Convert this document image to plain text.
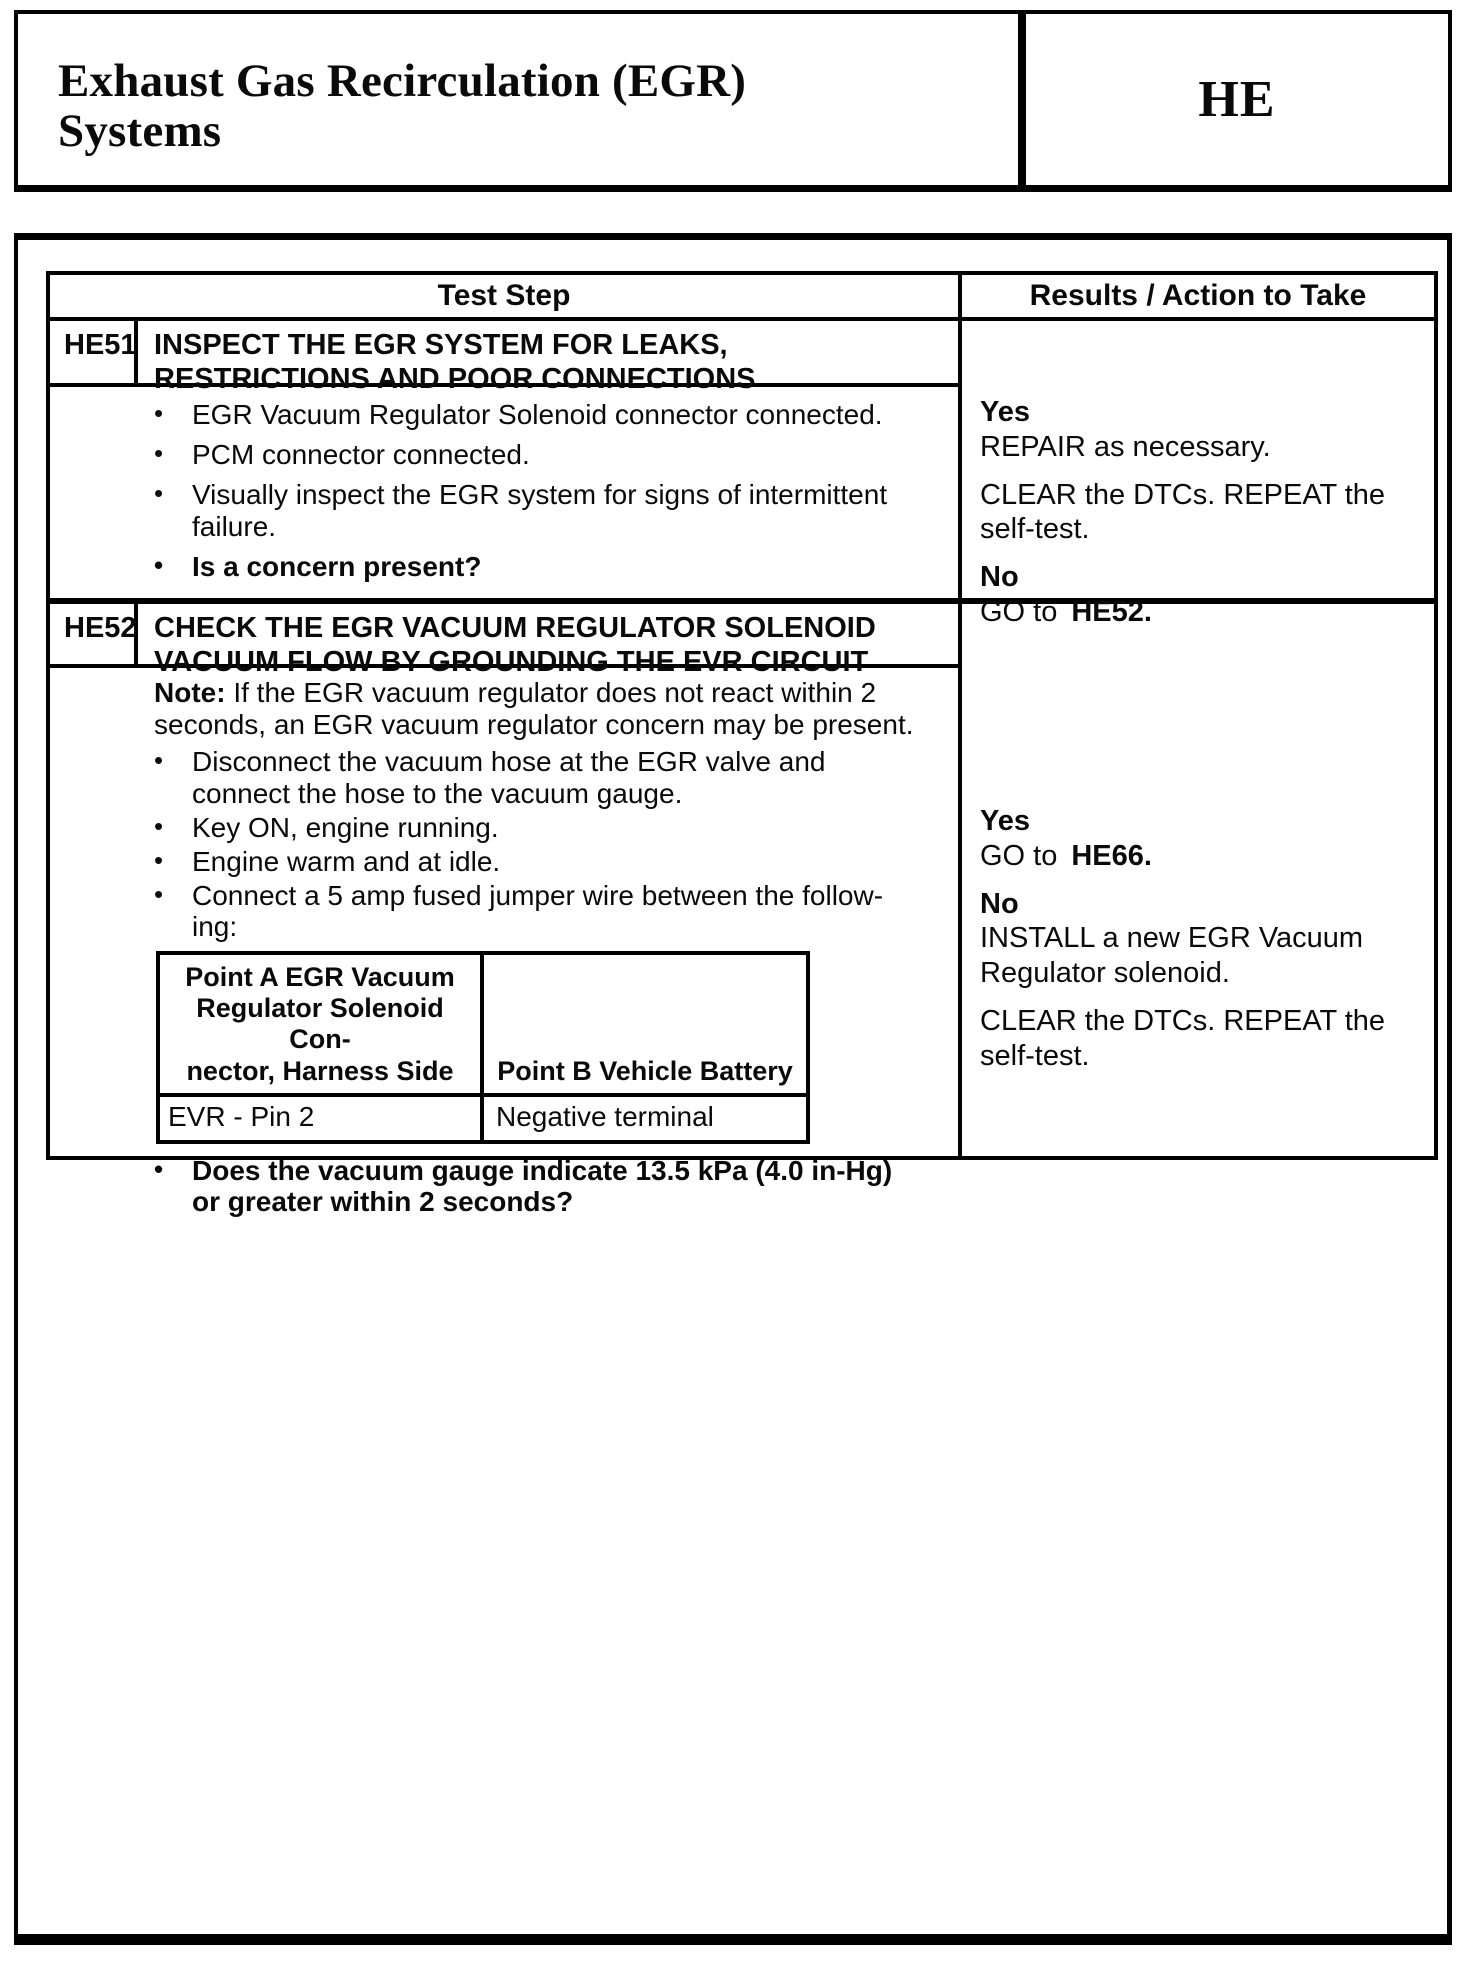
Exhaust Gas Recirculation (EGR)
Systems
HE
Test Step	Results / Action to Take
HE51 INSPECT THE EGR SYSTEM FOR LEAKS,
RESTRICTIONS AND POOR CONNECTIONS
•	EGR Vacuum Regulator Solenoid connector connected.
•	PCM connector connected.
•	Visually inspect the EGR system for signs of intermittent
failure.
•	Is a concern present?
Yes
REPAIR as necessary.
CLEAR the DTCs. REPEAT the
self-test.
No
GO to HE52.
HE52 CHECK THE EGR VACUUM REGULATOR SOLENOID
VACUUM FLOW BY GROUNDING THE EVR CIRCUIT
Note: If the EGR vacuum regulator does not react within 2
seconds, an EGR vacuum regulator concern may be present.
•	Disconnect the vacuum hose at the EGR valve and
connect the hose to the vacuum gauge.
•	Key ON, engine running.
•	Engine warm and at idle.
•	Connect a 5 amp fused jumper wire between the follow-
ing:
Point A EGR Vacuum
Regulator Solenoid Con-
nector, Harness Side	Point B Vehicle Battery
EVR - Pin 2	Negative terminal
•	Does the vacuum gauge indicate 13.5 kPa (4.0 in-Hg)
or greater within 2 seconds?
Yes
GO to HE66.
No
INSTALL a new EGR Vacuum
Regulator solenoid.
CLEAR the DTCs. REPEAT the
self-test.
